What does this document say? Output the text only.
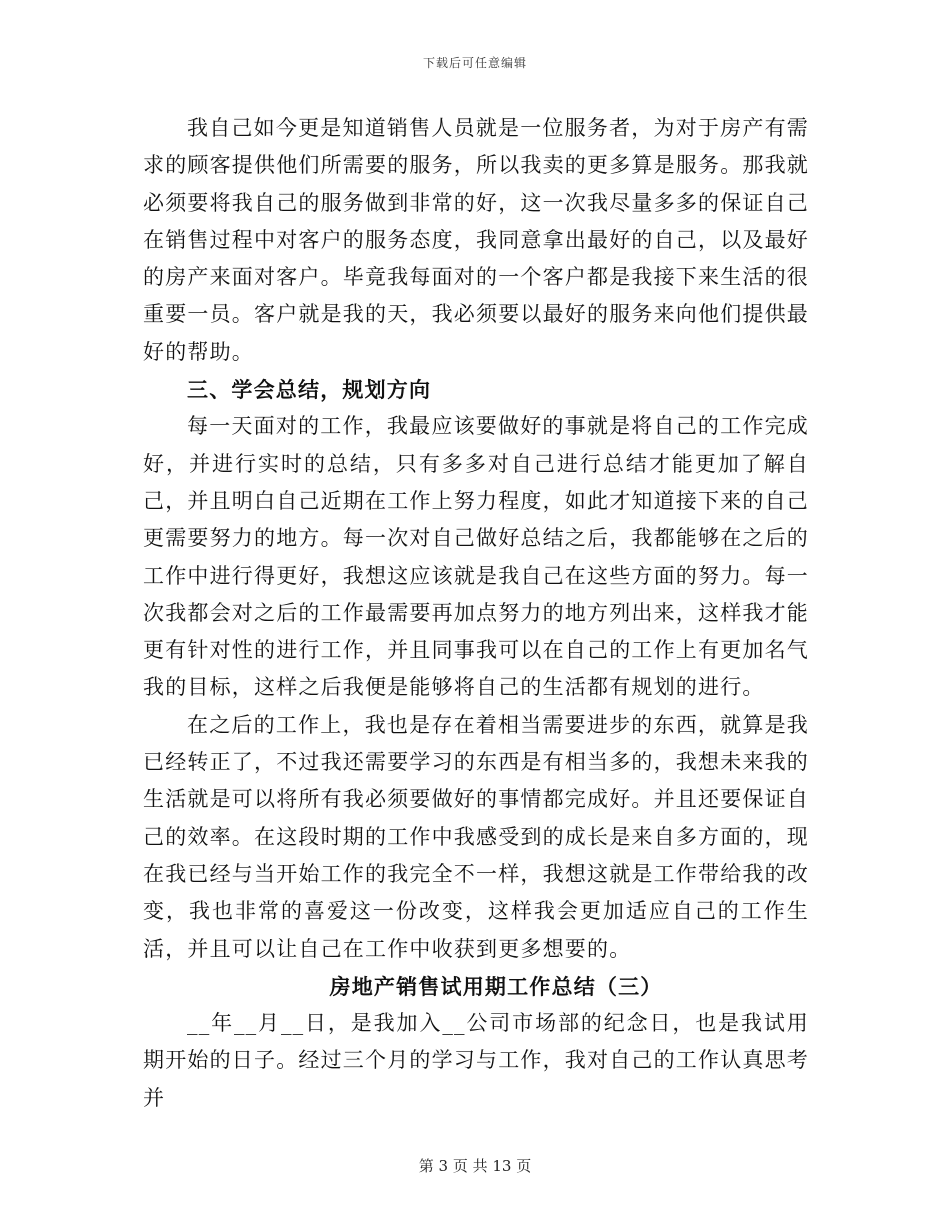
下载后可任意编辑

我自己如今更是知道销售人员就是一位服务者，为对于房产有需求的顾客提供他们所需要的服务，所以我卖的更多算是服务。那我就必须要将我自己的服务做到非常的好，这一次我尽量多多的保证自己在销售过程中对客户的服务态度，我同意拿出最好的自己，以及最好的房产来面对客户。毕竟我每面对的一个客户都是我接下来生活的很重要一员。客户就是我的天，我必须要以最好的服务来向他们提供最好的帮助。

三、学会总结，规划方向

每一天面对的工作，我最应该要做好的事就是将自己的工作完成好，并进行实时的总结，只有多多对自己进行总结才能更加了解自己，并且明白自己近期在工作上努力程度，如此才知道接下来的自己更需要努力的地方。每一次对自己做好总结之后，我都能够在之后的工作中进行得更好，我想这应该就是我自己在这些方面的努力。每一次我都会对之后的工作最需要再加点努力的地方列出来，这样我才能更有针对性的进行工作，并且同事我可以在自己的工作上有更加名气我的目标，这样之后我便是能够将自己的生活都有规划的进行。

在之后的工作上，我也是存在着相当需要进步的东西，就算是我已经转正了，不过我还需要学习的东西是有相当多的，我想未来我的生活就是可以将所有我必须要做好的事情都完成好。并且还要保证自己的效率。在这段时期的工作中我感受到的成长是来自多方面的，现在我已经与当开始工作的我完全不一样，我想这就是工作带给我的改变，我也非常的喜爱这一份改变，这样我会更加适应自己的工作生活，并且可以让自己在工作中收获到更多想要的。

房地产销售试用期工作总结（三）

__年__月__日，是我加入__公司市场部的纪念日，也是我试用期开始的日子。经过三个月的学习与工作，我对自己的工作认真思考并

第 3 页 共 13 页
